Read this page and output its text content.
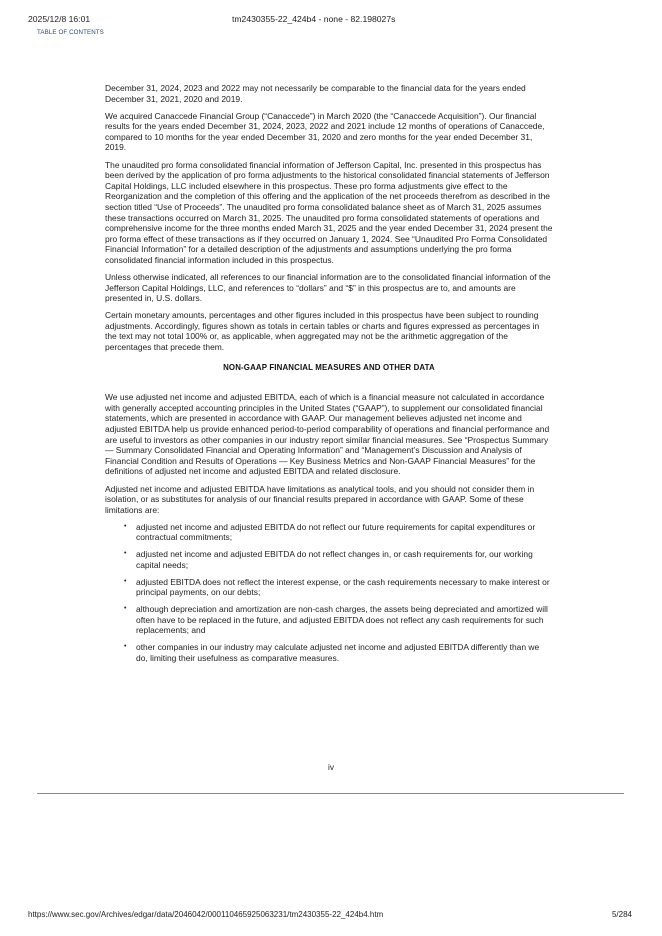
2025/12/8 16:01	tm2430355-22_424b4 - none - 82.198027s
TABLE OF CONTENTS

December 31, 2024, 2023 and 2022 may not necessarily be comparable to the financial data for the years ended December 31, 2021, 2020 and 2019.

We acquired Canaccede Financial Group (“Canaccede”) in March 2020 (the “Canaccede Acquisition”). Our financial results for the years ended December 31, 2024, 2023, 2022 and 2021 include 12 months of operations of Canaccede, compared to 10 months for the year ended December 31, 2020 and zero months for the year ended December 31, 2019.

The unaudited pro forma consolidated financial information of Jefferson Capital, Inc. presented in this prospectus has been derived by the application of pro forma adjustments to the historical consolidated financial statements of Jefferson Capital Holdings, LLC included elsewhere in this prospectus. These pro forma adjustments give effect to the Reorganization and the completion of this offering and the application of the net proceeds therefrom as described in the section titled “Use of Proceeds”. The unaudited pro forma consolidated balance sheet as of March 31, 2025 assumes these transactions occurred on March 31, 2025. The unaudited pro forma consolidated statements of operations and comprehensive income for the three months ended March 31, 2025 and the year ended December 31, 2024 present the pro forma effect of these transactions as if they occurred on January 1, 2024. See “Unaudited Pro Forma Consolidated Financial Information” for a detailed description of the adjustments and assumptions underlying the pro forma consolidated financial information included in this prospectus.

Unless otherwise indicated, all references to our financial information are to the consolidated financial information of the Jefferson Capital Holdings, LLC, and references to “dollars” and “$” in this prospectus are to, and amounts are presented in, U.S. dollars.

Certain monetary amounts, percentages and other figures included in this prospectus have been subject to rounding adjustments. Accordingly, figures shown as totals in certain tables or charts and figures expressed as percentages in the text may not total 100% or, as applicable, when aggregated may not be the arithmetic aggregation of the percentages that precede them.

NON-GAAP FINANCIAL MEASURES AND OTHER DATA

We use adjusted net income and adjusted EBITDA, each of which is a financial measure not calculated in accordance with generally accepted accounting principles in the United States (“GAAP”), to supplement our consolidated financial statements, which are presented in accordance with GAAP. Our management believes adjusted net income and adjusted EBITDA help us provide enhanced period-to-period comparability of operations and financial performance and are useful to investors as other companies in our industry report similar financial measures. See “Prospectus Summary — Summary Consolidated Financial and Operating Information” and “Management’s Discussion and Analysis of Financial Condition and Results of Operations — Key Business Metrics and Non-GAAP Financial Measures” for the definitions of adjusted net income and adjusted EBITDA and related disclosure.

Adjusted net income and adjusted EBITDA have limitations as analytical tools, and you should not consider them in isolation, or as substitutes for analysis of our financial results prepared in accordance with GAAP. Some of these limitations are:

• adjusted net income and adjusted EBITDA do not reflect our future requirements for capital expenditures or contractual commitments;
• adjusted net income and adjusted EBITDA do not reflect changes in, or cash requirements for, our working capital needs;
• adjusted EBITDA does not reflect the interest expense, or the cash requirements necessary to make interest or principal payments, on our debts;
• although depreciation and amortization are non-cash charges, the assets being depreciated and amortized will often have to be replaced in the future, and adjusted EBITDA does not reflect any cash requirements for such replacements; and
• other companies in our industry may calculate adjusted net income and adjusted EBITDA differently than we do, limiting their usefulness as comparative measures.
iv
https://www.sec.gov/Archives/edgar/data/2046042/000110465925063231/tm2430355-22_424b4.htm	5/284
